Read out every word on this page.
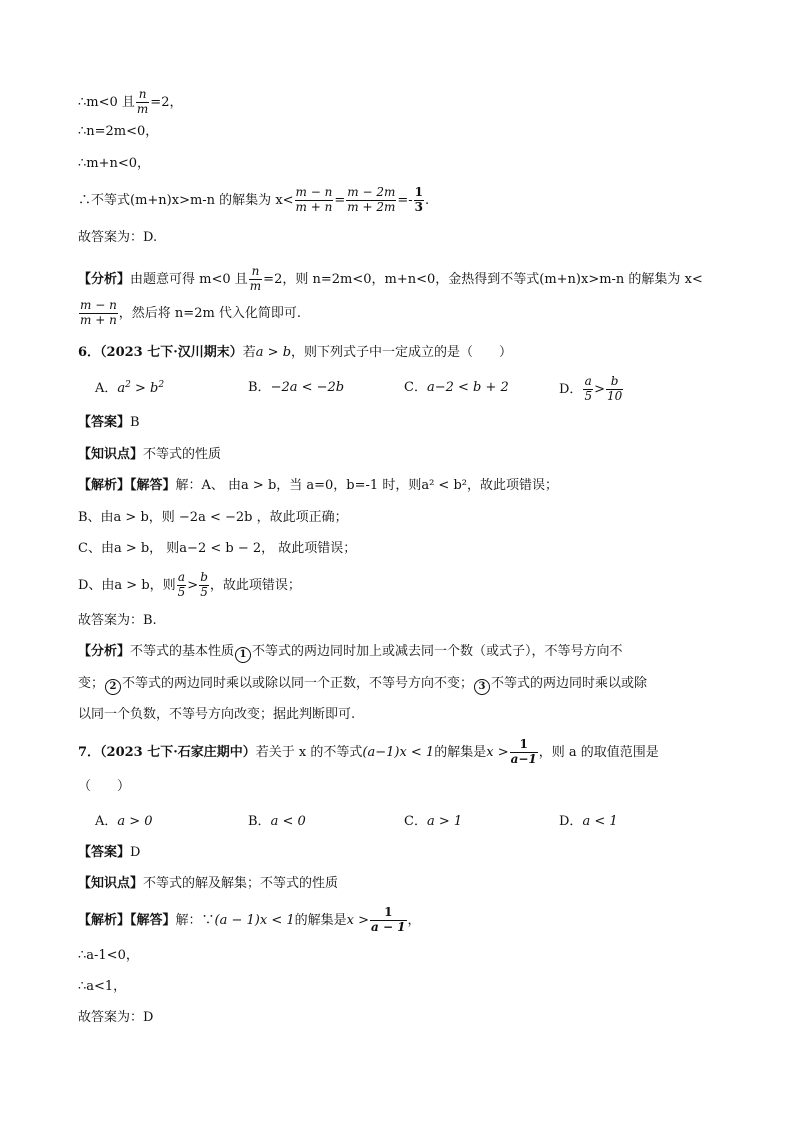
∴m<0 且 $\frac{n}{m} =2$，
∴n=2m<0，
∴m+n<0，
∴不等式(m+n)x>m-n 的解集为 $x< \frac{m - n}{m + n} = \frac{m - 2m}{m + 2m} =- \frac{1}{3}$ .
故答案为：D.
【分析】由题意可得 m<0 且 $\frac{n}{m} =2$，则 n=2m<0，m+n<0，金热得到不等式(m+n)x>m-n 的解集为 x<
$\frac{m - n}{m + n}$ ，然后将 n=2m 代入化简即可.
6．（2023 七下·汉川期末）若a > b，则下列式子中一定成立的是（　　）
A．$a^2 > b^2$	B．−2a < −2b	C．a−2 < b + 2	D． $\frac{a}{5} > \frac{b}{10}$
【答案】B
【知识点】不等式的性质
【解析】【解答】解：A、 由a > b，当 a=0，b=-1 时，则a² < b²，故此项错误；
B、由a > b，则 −2a < −2b ，故此项正确；
C、由a > b， 则a−2 < b − 2， 故此项错误；
D、由a > b，则 $\frac{a}{5} > \frac{b}{5}$ ，故此项错误；
故答案为：B.
【分析】不等式的基本性质 1 不等式的两边同时加上或减去同一个数（或式子），不等号方向不
变； 2 不等式的两边同时乘以或除以同一个正数，不等号方向不变； 3 不等式的两边同时乘以或除
以同一个负数，不等号方向改变；据此判断即可.
7．（2023 七下·石家庄期中）若关于 x 的不等式(a−1)x < 1的解集是$x > \frac{1}{a-1}$ ，则 a 的取值范围是
（　　）
A．a > 0	B．a < 0	C．a > 1	D．a < 1
【答案】D
【知识点】不等式的解及解集；不等式的性质
【解析】【解答】解：∵(a − 1)x < 1的解集是$x > \frac{1}{a - 1}$ ，
∴a-1<0，
∴a<1，
故答案为：D
